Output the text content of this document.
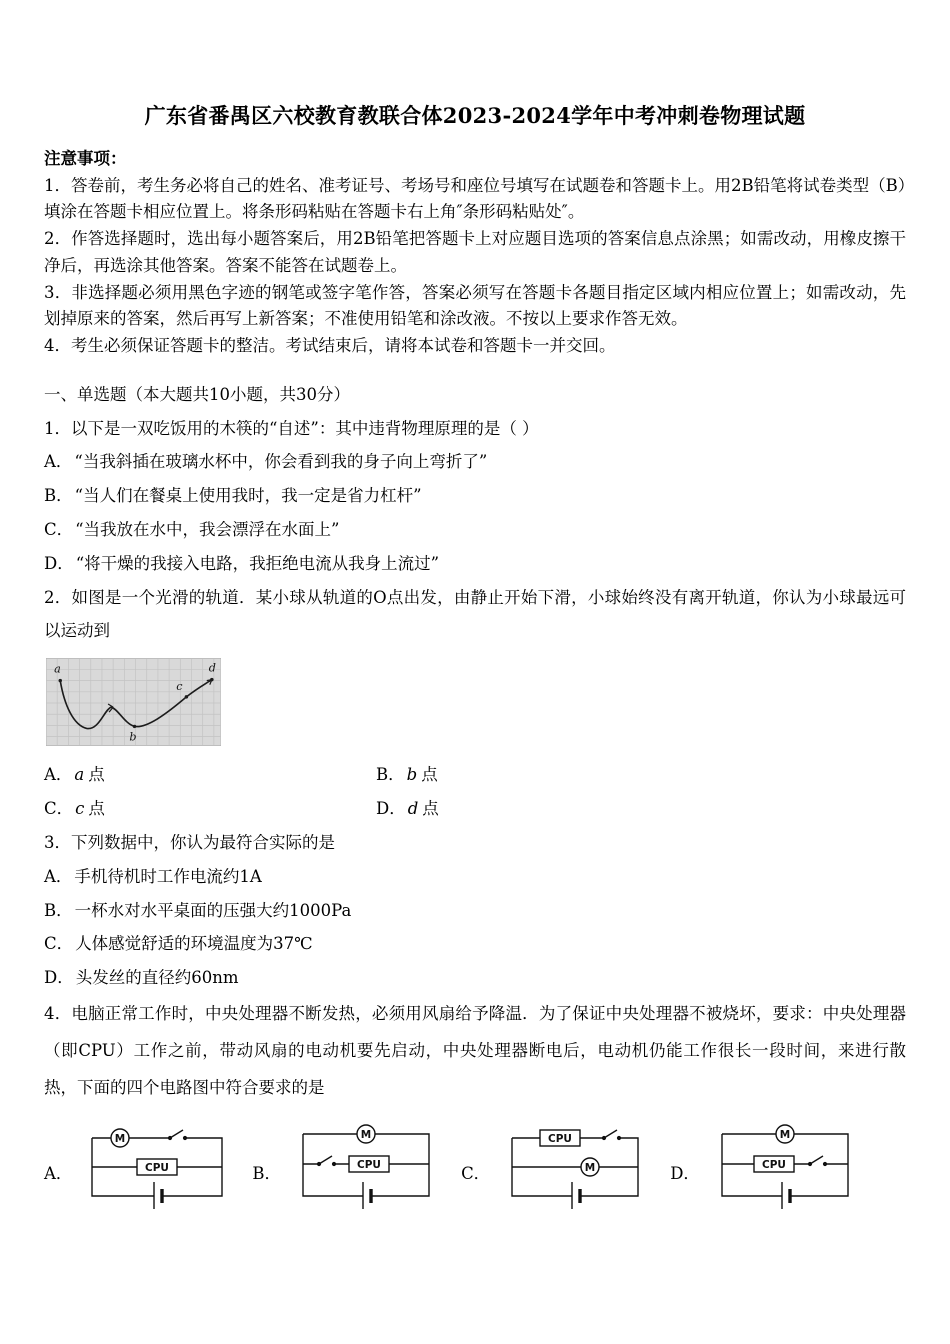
广东省番禺区六校教育教联合体2023-2024学年中考冲刺卷物理试题

注意事项：

1．答卷前，考生务必将自己的姓名、准考证号、考场号和座位号填写在试题卷和答题卡上。用2B铅笔将试卷类型（B）填涂在答题卡相应位置上。将条形码粘贴在答题卡右上角″条形码粘贴处″。

2．作答选择题时，选出每小题答案后，用2B铅笔把答题卡上对应题目选项的答案信息点涂黑；如需改动，用橡皮擦干净后，再选涂其他答案。答案不能答在试题卷上。

3．非选择题必须用黑色字迹的钢笔或签字笔作答，答案必须写在答题卡各题目指定区域内相应位置上；如需改动，先划掉原来的答案，然后再写上新答案；不准使用铅笔和涂改液。不按以上要求作答无效。

4．考生必须保证答题卡的整洁。考试结束后，请将本试卷和答题卡一并交回。

一、单选题（本大题共10小题，共30分）

1．以下是一双吃饭用的木筷的“自述”：其中违背物理原理的是（ ）

A． “当我斜插在玻璃水杯中，你会看到我的身子向上弯折了”

B． “当人们在餐桌上使用我时，我一定是省力杠杆”

C． “当我放在水中，我会漂浮在水面上”

D． “将干燥的我接入电路，我拒绝电流从我身上流过”

2．如图是一个光滑的轨道．某小球从轨道的O点出发，由静止开始下滑，小球始终没有离开轨道，你认为小球最远可以运动到

a
b
c
d

A． a 点	B． b 点

C． c 点	D． d 点

3．下列数据中，你认为最符合实际的是

A． 手机待机时工作电流约1A

B． 一杯水对水平桌面的压强大约1000Pa

C． 人体感觉舒适的环境温度为37℃

D． 头发丝的直径约60nm

4．电脑正常工作时，中央处理器不断发热，必须用风扇给予降温．为了保证中央处理器不被烧坏，要求：中央处理器（即CPU）工作之前，带动风扇的电动机要先启动，中央处理器断电后，电动机仍能工作很长一段时间，来进行散热，下面的四个电路图中符合要求的是

A．
M
CPU	B．
M
CPU	C．
CPU
M	D．
M
CPU
